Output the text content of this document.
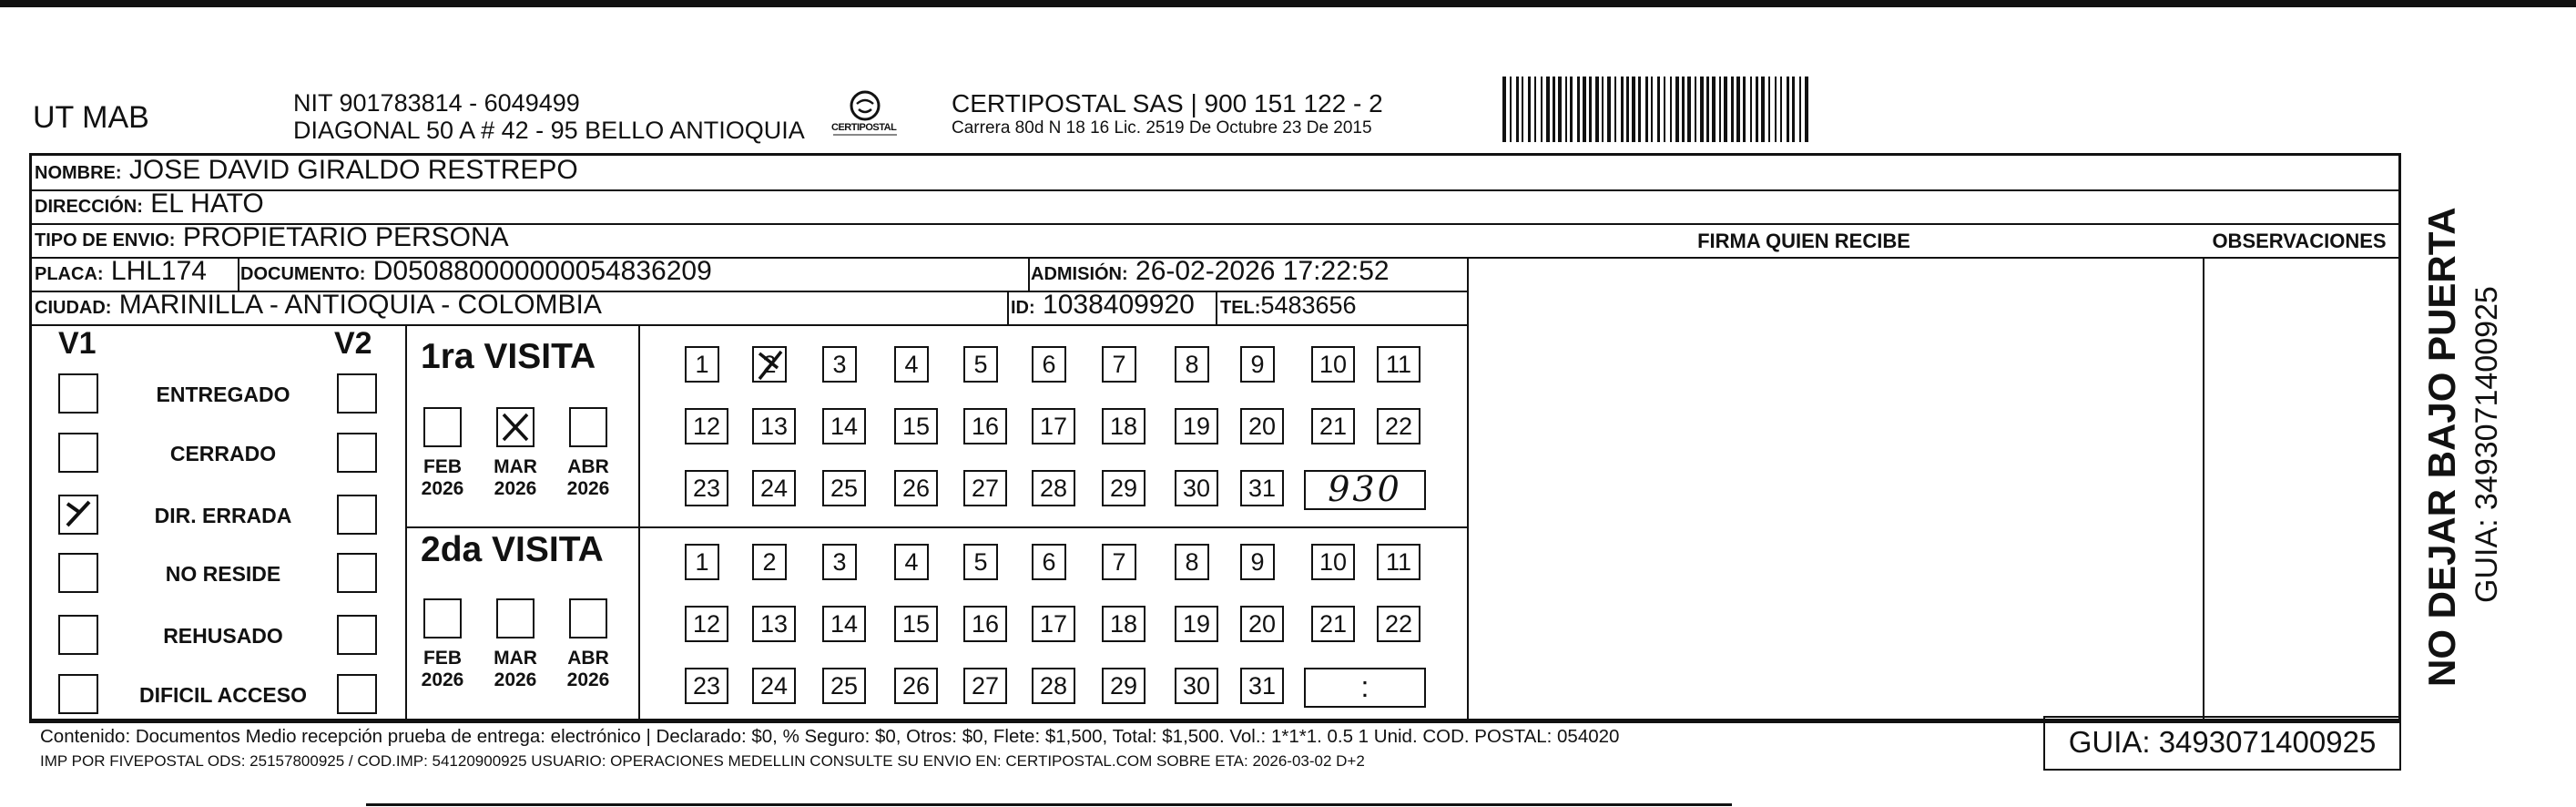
UT MAB	NIT 901783814 - 6049499
DIAGONAL 50 A # 42 - 95 BELLO ANTIOQUIA	CERTIPOSTAL
CERTIPOSTAL SAS | 900 151 122 - 2
Carrera 80d N 18 16 Lic. 2519 De Octubre 23 De 2015
NOMBRE: JOSE DAVID GIRALDO RESTREPO
DIRECCIÓN: EL HATO
TIPO DE ENVIO: PROPIETARIO PERSONA	FIRMA QUIEN RECIBE	OBSERVACIONES
PLACA: LHL174 DOCUMENTO: D050880000000054836209	ADMISIÓN: 26-02-2026 17:22:52
CIUDAD: MARINILLA - ANTIOQUIA - COLOMBIA	ID: 1038409920 TEL:5483656
V1	V2 1ra VISITA
2da VISITA
Contenido: Documentos Medio recepción prueba de entrega: electrónico | Declarado: $0, % Seguro: $0, Otros: $0, Flete: $1,500, Total: $1,500. Vol.: 1*1*1. 0.5 1 Unid. COD. POSTAL: 054020
IMP POR FIVEPOSTAL ODS: 25157800925 / COD.IMP: 54120900925 USUARIO: OPERACIONES MEDELLIN CONSULTE SU ENVIO EN: CERTIPOSTAL.COM SOBRE ETA: 2026-03-02 D+2
GUIA: 3493071400925
NO DEJAR BAJO PUERTA GUIA: 3493071400925
ENTREGADO
CERRADO
DIR. ERRADA
NO RESIDE
REHUSADO
DIFICIL ACCESO
FEB
2026
MAR
2026
ABR
2026
FEB
2026
MAR
2026
ABR
2026
1	2	3	4	5	6	7	8	9	10	11
12	13	14	15	16	17	18	19	20	21	22
23	24	25	26	27	28	29	30	31	930
1	2	3	4	5	6	7	8	9	10	11
12	13	14	15	16	17	18	19	20	21	22
23	24	25	26	27	28	29	30	31	:
